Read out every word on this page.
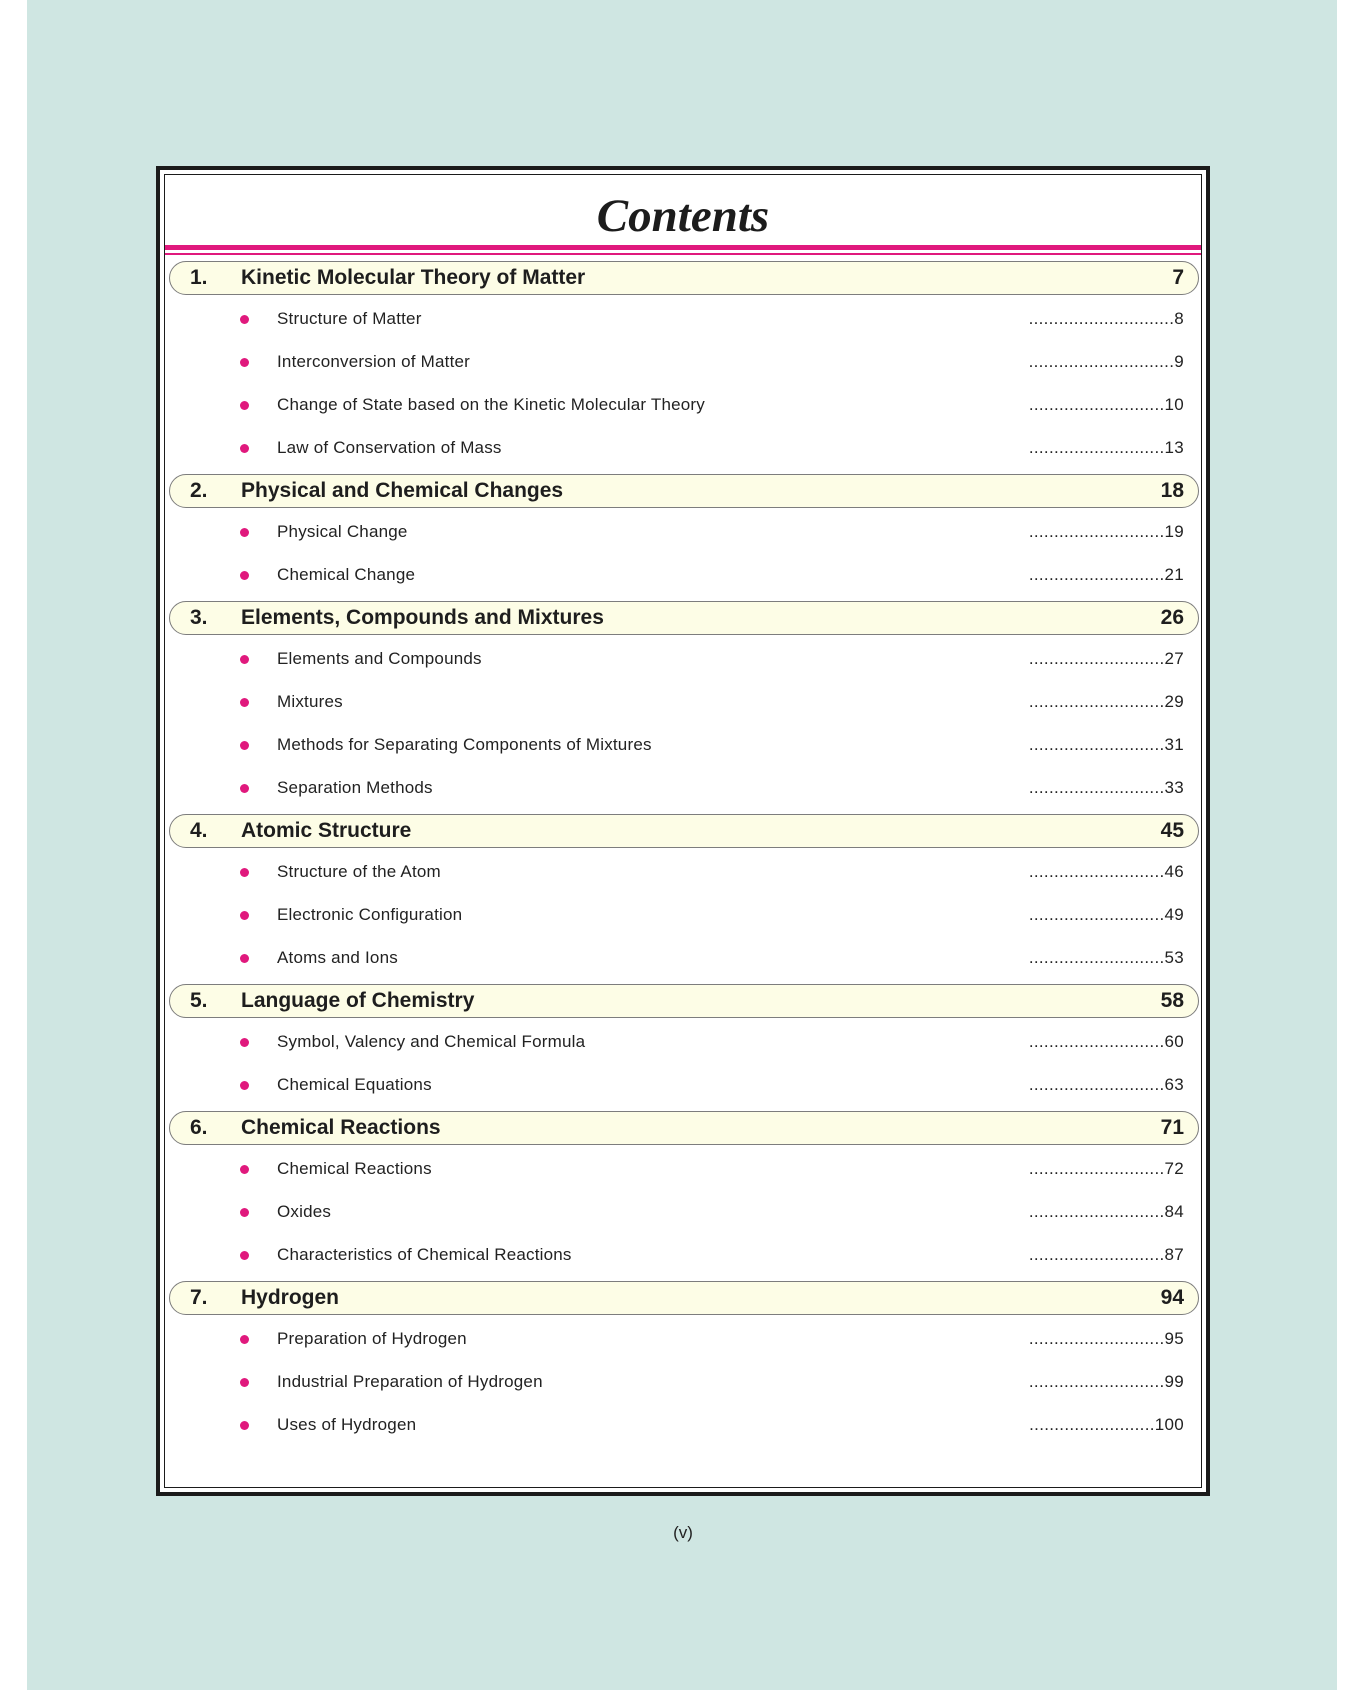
Contents
1. Kinetic Molecular Theory of Matter	7
Structure of Matter	.............................8
Interconversion of Matter	.............................9
Change of State based on the Kinetic Molecular Theory	...........................10
Law of Conservation of Mass	...........................13
2. Physical and Chemical Changes	18
Physical Change	...........................19
Chemical Change	...........................21
3. Elements, Compounds and Mixtures	26
Elements and Compounds	...........................27
Mixtures	...........................29
Methods for Separating Components of Mixtures	...........................31
Separation Methods	...........................33
4. Atomic Structure	45
Structure of the Atom	...........................46
Electronic Configuration	...........................49
Atoms and Ions	...........................53
5. Language of Chemistry	58
Symbol, Valency and Chemical Formula	...........................60
Chemical Equations	...........................63
6. Chemical Reactions	71
Chemical Reactions	...........................72
Oxides	...........................84
Characteristics of Chemical Reactions	...........................87
7. Hydrogen	94
Preparation of Hydrogen	...........................95
Industrial Preparation of Hydrogen	...........................99
Uses of Hydrogen	.........................100
(v)
